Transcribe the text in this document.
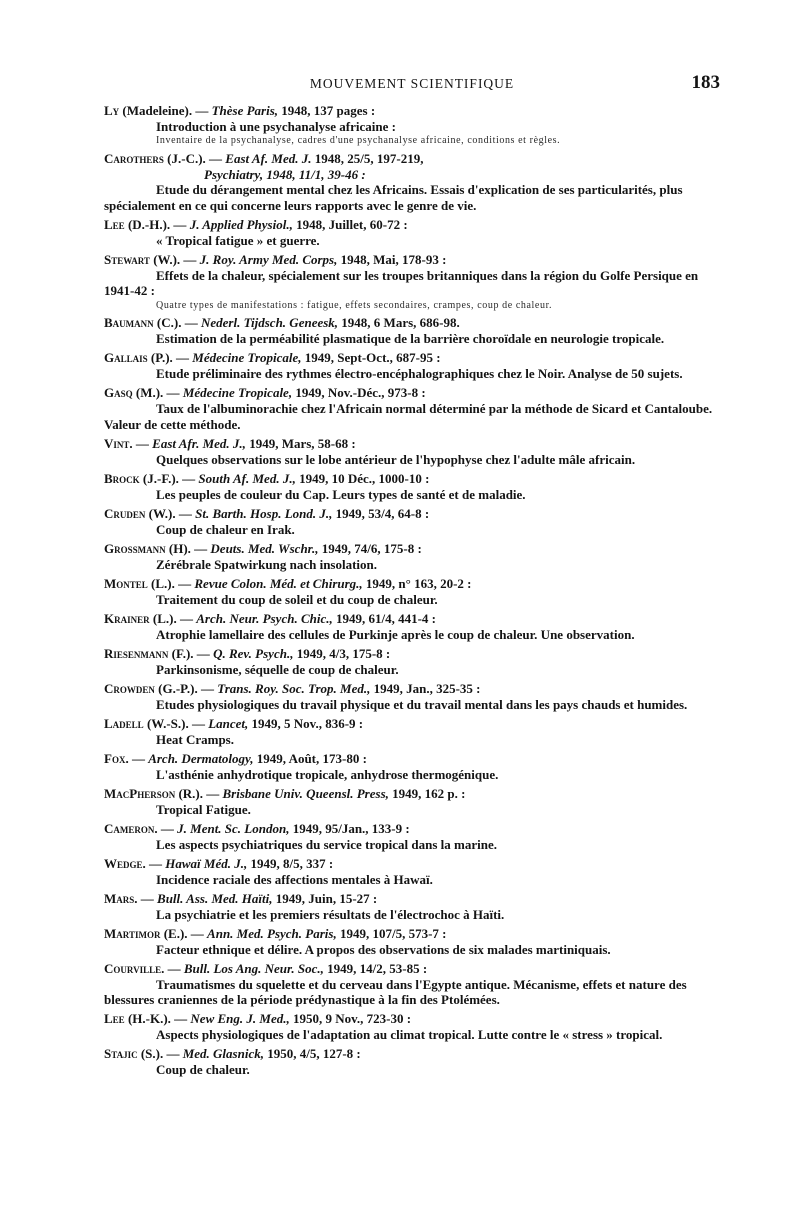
MOUVEMENT SCIENTIFIQUE	183
Ly (Madeleine). — Thèse Paris, 1948, 137 pages :
Introduction à une psychanalyse africaine :
Inventaire de la psychanalyse, cadres d'une psychanalyse africaine, conditions et règles.
Carothers (J.-C.). — East Af. Med. J. 1948, 25/5, 197-219,
Psychiatry, 1948, 11/1, 39-46 :
Etude du dérangement mental chez les Africains. Essais d'explication de ses particularités, plus spécialement en ce qui concerne leurs rapports avec le genre de vie.
Lee (D.-H.). — J. Applied Physiol., 1948, Juillet, 60-72 :
« Tropical fatigue » et guerre.
Stewart (W.). — J. Roy. Army Med. Corps, 1948, Mai, 178-93 :
Effets de la chaleur, spécialement sur les troupes britanniques dans la région du Golfe Persique en 1941-42 :
Quatre types de manifestations : fatigue, effets secondaires, crampes, coup de chaleur.
Baumann (C.). — Nederl. Tijdsch. Geneesk, 1948, 6 Mars, 686-98.
Estimation de la perméabilité plasmatique de la barrière choroïdale en neurologie tropicale.
Gallais (P.). — Médecine Tropicale, 1949, Sept-Oct., 687-95 :
Etude préliminaire des rythmes électro-encéphalographiques chez le Noir. Analyse de 50 sujets.
Gasq (M.). — Médecine Tropicale, 1949, Nov.-Déc., 973-8 :
Taux de l'albuminorachie chez l'Africain normal déterminé par la méthode de Sicard et Cantaloube. Valeur de cette méthode.
Vint. — East Afr. Med. J., 1949, Mars, 58-68 :
Quelques observations sur le lobe antérieur de l'hypophyse chez l'adulte mâle africain.
Brock (J.-F.). — South Af. Med. J., 1949, 10 Déc., 1000-10 :
Les peuples de couleur du Cap. Leurs types de santé et de maladie.
Cruden (W.). — St. Barth. Hosp. Lond. J., 1949, 53/4, 64-8 :
Coup de chaleur en Irak.
Grossmann (H). — Deuts. Med. Wschr., 1949, 74/6, 175-8 :
Zérébrale Spatwirkung nach insolation.
Montel (L.). — Revue Colon. Méd. et Chirurg., 1949, n° 163, 20-2 :
Traitement du coup de soleil et du coup de chaleur.
Krainer (L.). — Arch. Neur. Psych. Chic., 1949, 61/4, 441-4 :
Atrophie lamellaire des cellules de Purkinje après le coup de chaleur. Une observation.
Riesenmann (F.). — Q. Rev. Psych., 1949, 4/3, 175-8 :
Parkinsonisme, séquelle de coup de chaleur.
Crowden (G.-P.). — Trans. Roy. Soc. Trop. Med., 1949, Jan., 325-35 :
Etudes physiologiques du travail physique et du travail mental dans les pays chauds et humides.
Ladell (W.-S.). — Lancet, 1949, 5 Nov., 836-9 :
Heat Cramps.
Fox. — Arch. Dermatology, 1949, Août, 173-80 :
L'asthénie anhydrotique tropicale, anhydrose thermogénique.
MacPherson (R.). — Brisbane Univ. Queensl. Press, 1949, 162 p. :
Tropical Fatigue.
Cameron. — J. Ment. Sc. London, 1949, 95/Jan., 133-9 :
Les aspects psychiatriques du service tropical dans la marine.
Wedge. — Hawaï Méd. J., 1949, 8/5, 337 :
Incidence raciale des affections mentales à Hawaï.
Mars. — Bull. Ass. Med. Haïti, 1949, Juin, 15-27 :
La psychiatrie et les premiers résultats de l'électrochoc à Haïti.
Martimor (E.). — Ann. Med. Psych. Paris, 1949, 107/5, 573-7 :
Facteur ethnique et délire. A propos des observations de six malades martiniquais.
Courville. — Bull. Los Ang. Neur. Soc., 1949, 14/2, 53-85 :
Traumatismes du squelette et du cerveau dans l'Egypte antique. Mécanisme, effets et nature des blessures craniennes de la période prédynastique à la fin des Ptolémées.
Lee (H.-K.). — New Eng. J. Med., 1950, 9 Nov., 723-30 :
Aspects physiologiques de l'adaptation au climat tropical. Lutte contre le « stress » tropical.
Stajic (S.). — Med. Glasnick, 1950, 4/5, 127-8 :
Coup de chaleur.
